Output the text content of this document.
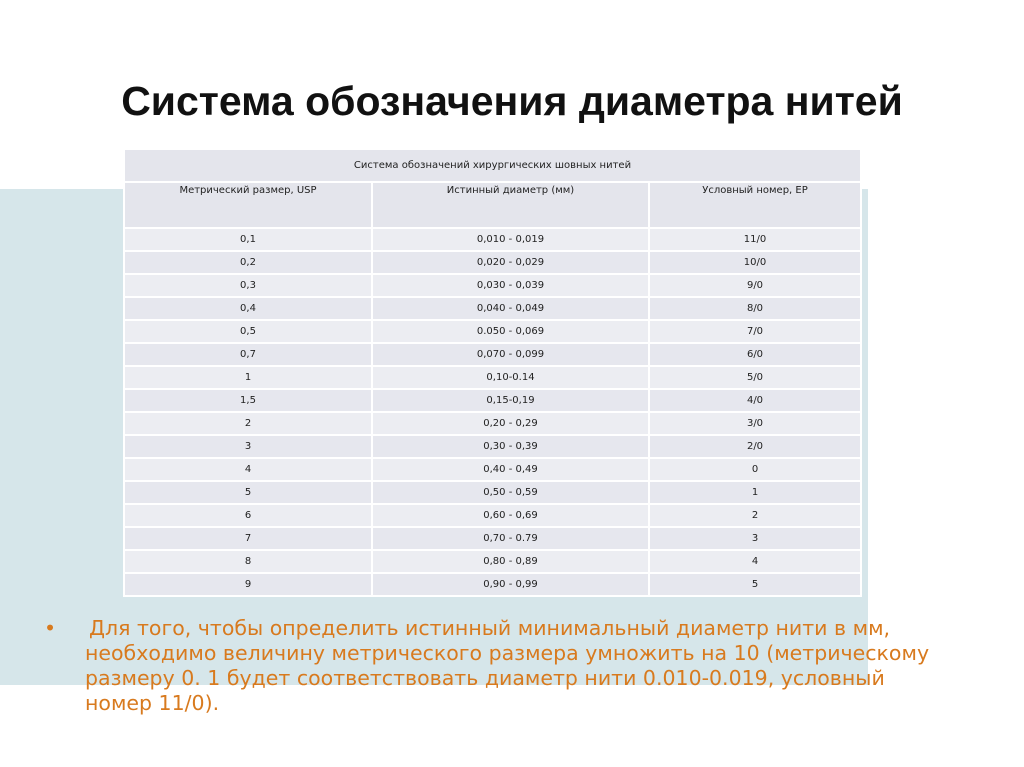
Система обозначения диаметра нитей
Система обозначений хирургических шовных нитей		
Метрический размер, USP	Истинный диаметр (мм)	Условный номер, EP
0,1	0,010 - 0,019	11/0
0,2	0,020 - 0,029	10/0
0,3	0,030 - 0,039	9/0
0,4	0,040 - 0,049	8/0
0,5	0.050 - 0,069	7/0
0,7	0,070 - 0,099	6/0
1	0,10-0.14	5/0
1,5	0,15-0,19	4/0
2	0,20 - 0,29	3/0
3	0,30 - 0,39	2/0
4	0,40 - 0,49	0
5	0,50 - 0,59	1
6	0,60 - 0,69	2
7	0,70 - 0.79	3
8	0,80 - 0,89	4
9	0,90 - 0,99	5
• Для того, чтобы определить истинный минимальный диаметр нити в мм, необходимо величину метрического размера умножить на 10 (метрическому размеру 0. 1 будет соответствовать диаметр нити 0.010-0.019, условный номер 11/0).
